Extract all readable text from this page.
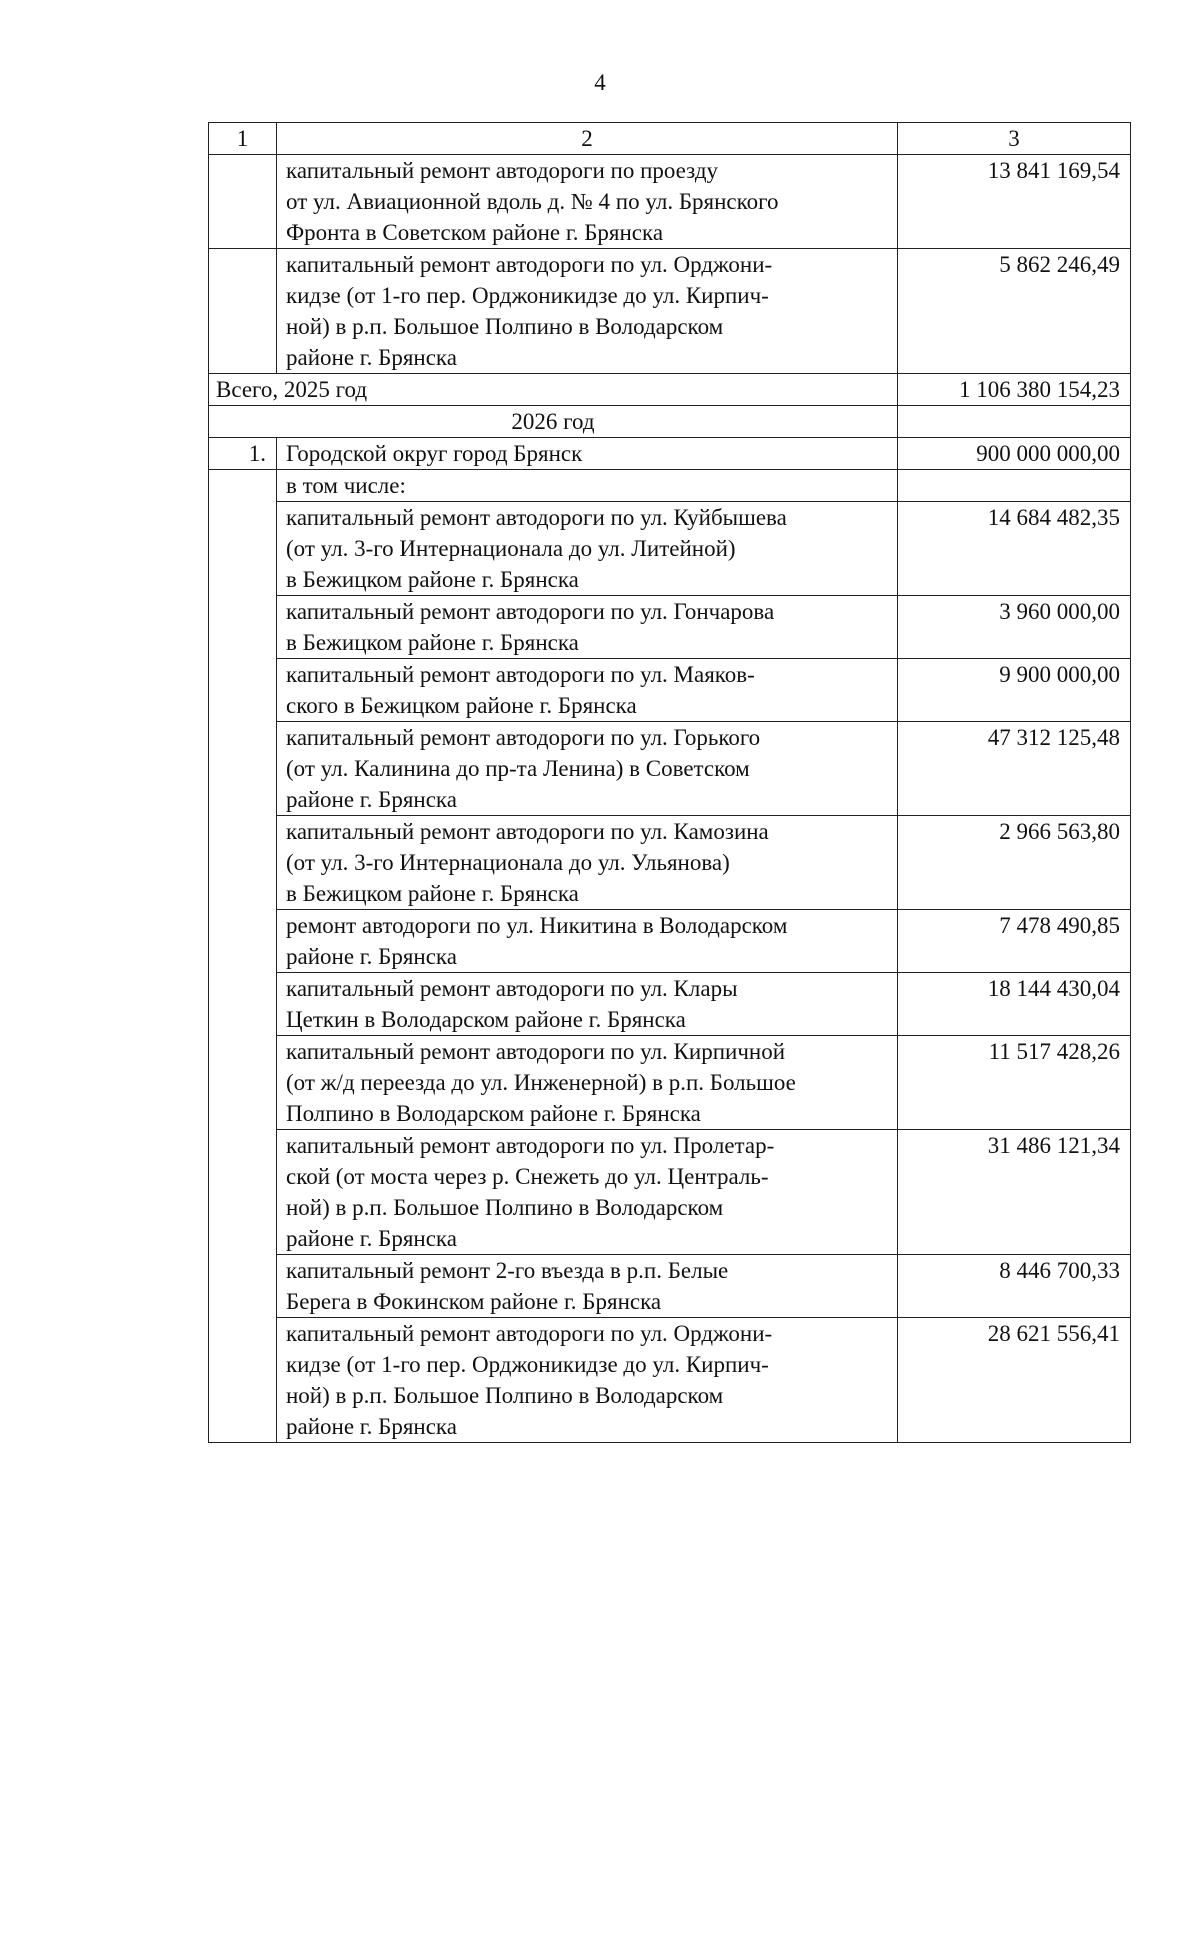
4
1	2	3

	капитальный ремонт автодороги по проезду
от ул. Авиационной вдоль д. № 4 по ул. Брянского
Фронта в Советском районе г. Брянска	13 841 169,54

	капитальный ремонт автодороги по ул. Орджони-
кидзе (от 1-го пер. Орджоникидзе до ул. Кирпич-
ной) в р.п. Большое Полпино в Володарском
районе г. Брянска	5 862 246,49
Всего, 2025 год		1 106 380 154,23
2026 год		
1.	Городской округ город Брянск	900 000 000,00
	в том числе:	

	капитальный ремонт автодороги по ул. Куйбышева
(от ул. 3-го Интернационала до ул. Литейной)
в Бежицком районе г. Брянска	14 684 482,35

	капитальный ремонт автодороги по ул. Гончарова
в Бежицком районе г. Брянска	3 960 000,00

	капитальный ремонт автодороги по ул. Маяков-
ского в Бежицком районе г. Брянска	9 900 000,00

	капитальный ремонт автодороги по ул. Горького
(от ул. Калинина до пр-та Ленина) в Советском
районе г. Брянска	47 312 125,48

	капитальный ремонт автодороги по ул. Камозина
(от ул. 3-го Интернационала до ул. Ульянова)
в Бежицком районе г. Брянска	2 966 563,80

	ремонт автодороги по ул. Никитина в Володарском
районе г. Брянска	7 478 490,85

	капитальный ремонт автодороги по ул. Клары
Цеткин в Володарском районе г. Брянска	18 144 430,04

	капитальный ремонт автодороги по ул. Кирпичной
(от ж/д переезда до ул. Инженерной) в р.п. Большое
Полпино в Володарском районе г. Брянска	11 517 428,26

	капитальный ремонт автодороги по ул. Пролетар-
ской (от моста через р. Снежеть до ул. Централь-
ной) в р.п. Большое Полпино в Володарском
районе г. Брянска	31 486 121,34

	капитальный ремонт 2-го въезда в р.п. Белые
Берега в Фокинском районе г. Брянска	8 446 700,33

	капитальный ремонт автодороги по ул. Орджони-
кидзе (от 1-го пер. Орджоникидзе до ул. Кирпич-
ной) в р.п. Большое Полпино в Володарском
районе г. Брянска	28 621 556,41
